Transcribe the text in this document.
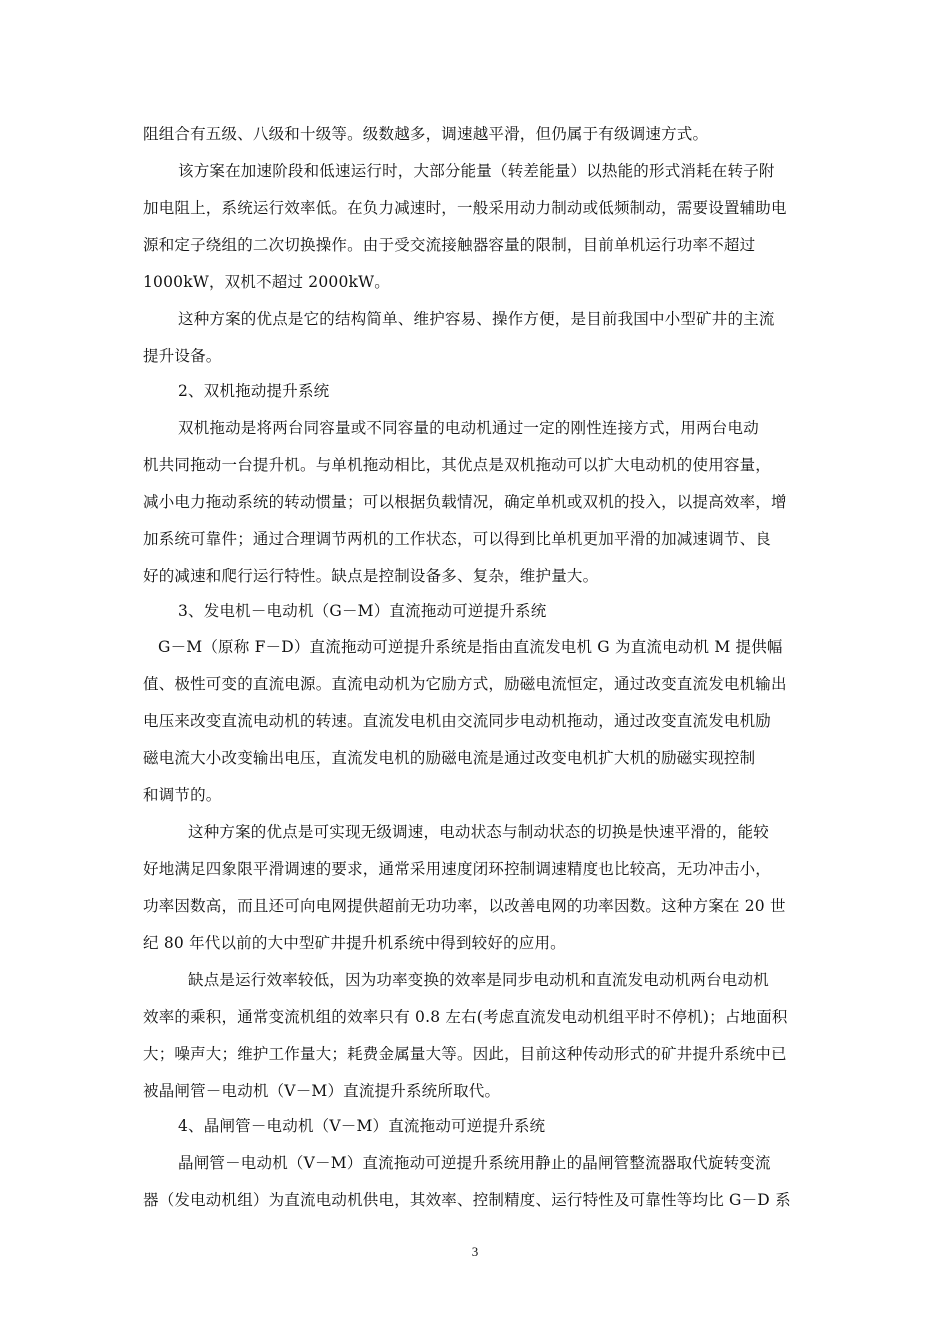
阻组合有五级、八级和十级等。级数越多，调速越平滑，但仍属于有级调速方式。
该方案在加速阶段和低速运行时，大部分能量（转差能量）以热能的形式消耗在转子附
加电阻上，系统运行效率低。在负力减速时，一般采用动力制动或低频制动，需要设置辅助电
源和定子绕组的二次切换操作。由于受交流接触器容量的限制，目前单机运行功率不超过
1000kW，双机不超过 2000kW。
这种方案的优点是它的结构简单、维护容易、操作方便，是目前我国中小型矿井的主流
提升设备。
2、双机拖动提升系统
双机拖动是将两台同容量或不同容量的电动机通过一定的刚性连接方式，用两台电动
机共同拖动一台提升机。与单机拖动相比，其优点是双机拖动可以扩大电动机的使用容量，
减小电力拖动系统的转动惯量；可以根据负载情况，确定单机或双机的投入，以提高效率，增
加系统可靠件；通过合理调节两机的工作状态，可以得到比单机更加平滑的加减速调节、良
好的减速和爬行运行特性。缺点是控制设备多、复杂，维护量大。
3、发电机－电动机（G－M）直流拖动可逆提升系统
G－M（原称 F－D）直流拖动可逆提升系统是指由直流发电机 G 为直流电动机 M 提供幅
值、极性可变的直流电源。直流电动机为它励方式，励磁电流恒定，通过改变直流发电机输出
电压来改变直流电动机的转速。直流发电机由交流同步电动机拖动，通过改变直流发电机励
磁电流大小改变输出电压，直流发电机的励磁电流是通过改变电机扩大机的励磁实现控制
和调节的。
这种方案的优点是可实现无级调速，电动状态与制动状态的切换是快速平滑的，能较
好地满足四象限平滑调速的要求，通常采用速度闭环控制调速精度也比较高，无功冲击小，
功率因数高，而且还可向电网提供超前无功功率，以改善电网的功率因数。这种方案在 20 世
纪 80 年代以前的大中型矿井提升机系统中得到较好的应用。
缺点是运行效率较低，因为功率变换的效率是同步电动机和直流发电动机两台电动机
效率的乘积，通常变流机组的效率只有 0.8 左右(考虑直流发电动机组平时不停机)；占地面积
大；噪声大；维护工作量大；耗费金属量大等。因此，目前这种传动形式的矿井提升系统中已
被晶闸管－电动机（V－M）直流提升系统所取代。
4、晶闸管－电动机（V－M）直流拖动可逆提升系统
晶闸管－电动机（V－M）直流拖动可逆提升系统用静止的晶闸管整流器取代旋转变流
器（发电动机组）为直流电动机供电，其效率、控制精度、运行特性及可靠性等均比 G－D 系
3
